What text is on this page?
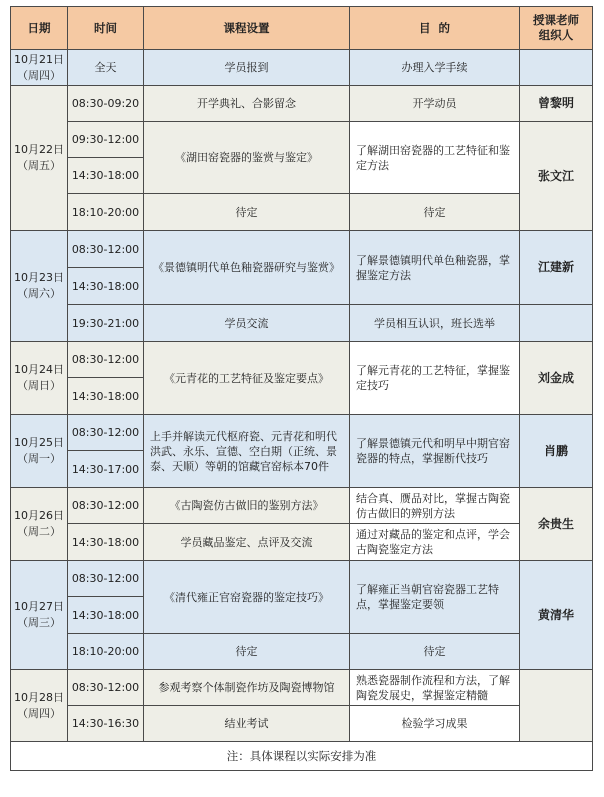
日期	时间	课程设置	目  的	授课老师
组织人

10月21日
（周四）	全天	学员报到	办理入学手续	

10月22日
（周五）	08:30-09:20	开学典礼、合影留念	开学动员	曾黎明
	09:30-12:00	《湖田窑瓷器的鉴赏与鉴定》	了解湖田窑瓷器的工艺特征和鉴定方法	张文江
	14:30-18:00			
	18:10-20:00	待定	待定	

10月23日
（周六）	08:30-12:00	《景德镇明代单色釉瓷器研究与鉴赏》	了解景德镇明代单色釉瓷器，掌握鉴定方法	江建新
	14:30-18:00			
	19:30-21:00	学员交流	学员相互认识，班长选举	

10月24日
（周日）	08:30-12:00	《元青花的工艺特征及鉴定要点》	了解元青花的工艺特征，掌握鉴定技巧	刘金成
	14:30-18:00			

10月25日
（周一）	08:30-12:00	上手并解读元代枢府瓷、元青花和明代洪武、永乐、宣德、空白期（正统、景泰、天顺）等朝的馆藏官窑标本70件	了解景德镇元代和明早中期官窑瓷器的特点，掌握断代技巧	肖鹏
	14:30-17:00			

10月26日
（周二）	08:30-12:00	《古陶瓷仿古做旧的鉴别方法》	结合真、赝品对比，掌握古陶瓷仿古做旧的辨别方法	余贵生
	14:30-18:00	学员藏品鉴定、点评及交流	通过对藏品的鉴定和点评，学会古陶瓷鉴定方法	

10月27日
（周三）	08:30-12:00	《清代雍正官窑瓷器的鉴定技巧》	了解雍正当朝官窑瓷器工艺特点，掌握鉴定要领	黄清华
	14:30-18:00			
	18:10-20:00	待定	待定	

10月28日
（周四）	08:30-12:00	参观考察个体制瓷作坊及陶瓷博物馆	熟悉瓷器制作流程和方法，了解陶瓷发展史，掌握鉴定精髓	
	14:30-16:30	结业考试	检验学习成果	
注：具体课程以实际安排为准				
